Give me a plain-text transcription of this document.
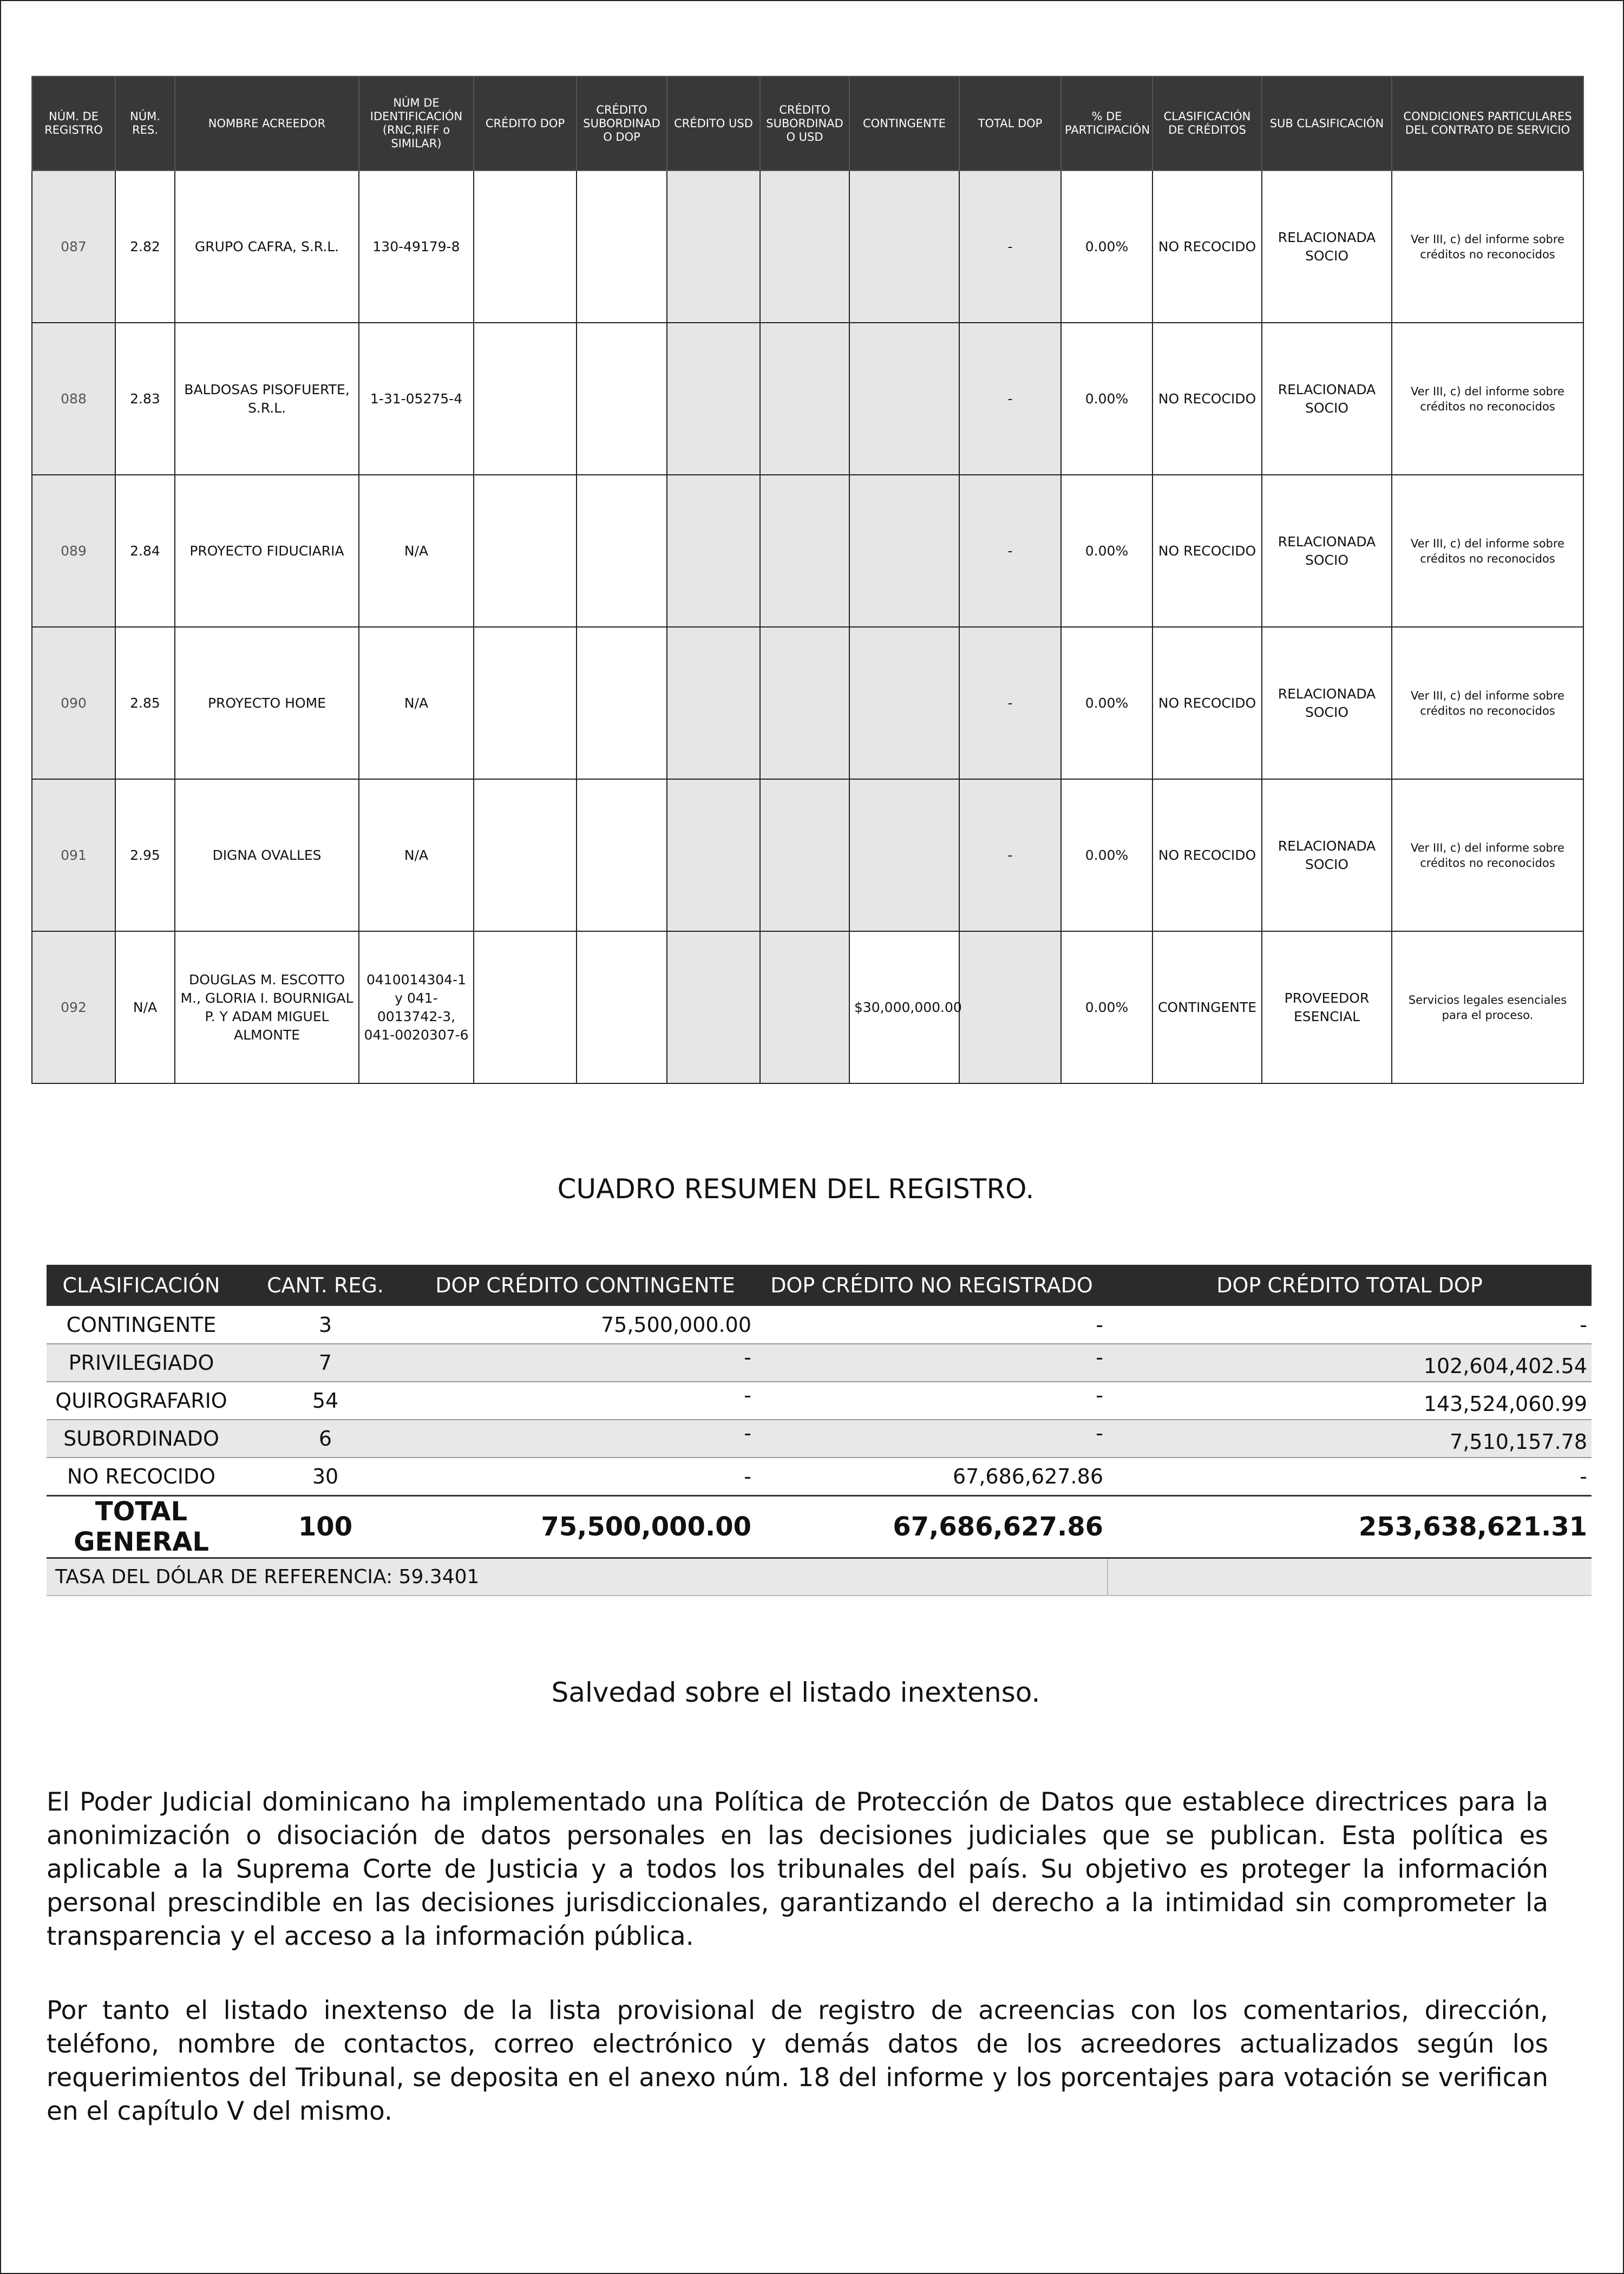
NÚM. DE REGISTRO	NÚM. RES.	NOMBRE ACREEDOR	NÚM DE IDENTIFICACIÓN (RNC,RIFF o SIMILAR)	CRÉDITO DOP	CRÉDITO SUBORDINAD O DOP	CRÉDITO USD	CRÉDITO SUBORDINAD O USD	CONTINGENTE	TOTAL DOP	% DE PARTICIPACIÓN	CLASIFICACIÓN DE CRÉDITOS	SUB CLASIFICACIÓN	CONDICIONES PARTICULARES DEL CONTRATO DE SERVICIO
087	2.82	GRUPO CAFRA, S.R.L.	130-49179-8						-	0.00%	NO RECOCIDO	RELACIONADA SOCIO	Ver III, c) del informe sobre créditos no reconocidos
088	2.83	BALDOSAS PISOFUERTE, S.R.L.	1-31-05275-4						-	0.00%	NO RECOCIDO	RELACIONADA SOCIO	Ver III, c) del informe sobre créditos no reconocidos
089	2.84	PROYECTO FIDUCIARIA	N/A						-	0.00%	NO RECOCIDO	RELACIONADA SOCIO	Ver III, c) del informe sobre créditos no reconocidos
090	2.85	PROYECTO HOME	N/A						-	0.00%	NO RECOCIDO	RELACIONADA SOCIO	Ver III, c) del informe sobre créditos no reconocidos
091	2.95	DIGNA OVALLES	N/A						-	0.00%	NO RECOCIDO	RELACIONADA SOCIO	Ver III, c) del informe sobre créditos no reconocidos
092	N/A	DOUGLAS M. ESCOTTO M., GLORIA I. BOURNIGAL P. Y ADAM MIGUEL ALMONTE	0410014304-1 y 041-0013742-3, 041-0020307-6					$30,000,000.00		0.00%	CONTINGENTE	PROVEEDOR ESENCIAL	Servicios legales esenciales para el proceso.
CUADRO RESUMEN DEL REGISTRO.
CLASIFICACIÓN	CANT. REG.	DOP CRÉDITO CONTINGENTE	DOP CRÉDITO NO REGISTRADO	DOP CRÉDITO TOTAL DOP
CONTINGENTE	3	75,500,000.00	-	-
PRIVILEGIADO	7	-	-	102,604,402.54
QUIROGRAFARIO	54	-	-	143,524,060.99
SUBORDINADO	6	-	-	7,510,157.78
NO RECOCIDO	30	-	67,686,627.86	-
TOTAL GENERAL	100	75,500,000.00	67,686,627.86	253,638,621.31
TASA DEL DÓLAR DE REFERENCIA: 59.3401				
Salvedad sobre el listado inextenso.
El Poder Judicial dominicano ha implementado una Política de Protección de Datos que establece directrices para la anonimización o disociación de datos personales en las decisiones judiciales que se publican. Esta política es aplicable a la Suprema Corte de Justicia y a todos los tribunales del país. Su objetivo es proteger la información personal prescindible en las decisiones jurisdiccionales, garantizando el derecho a la intimidad sin comprometer la transparencia y el acceso a la información pública.
Por tanto el listado inextenso de la lista provisional de registro de acreencias con los comentarios, dirección, teléfono, nombre de contactos, correo electrónico y demás datos de los acreedores actualizados según los requerimientos del Tribunal, se deposita en el anexo núm. 18 del informe y los porcentajes para votación se verifican en el capítulo V del mismo.
